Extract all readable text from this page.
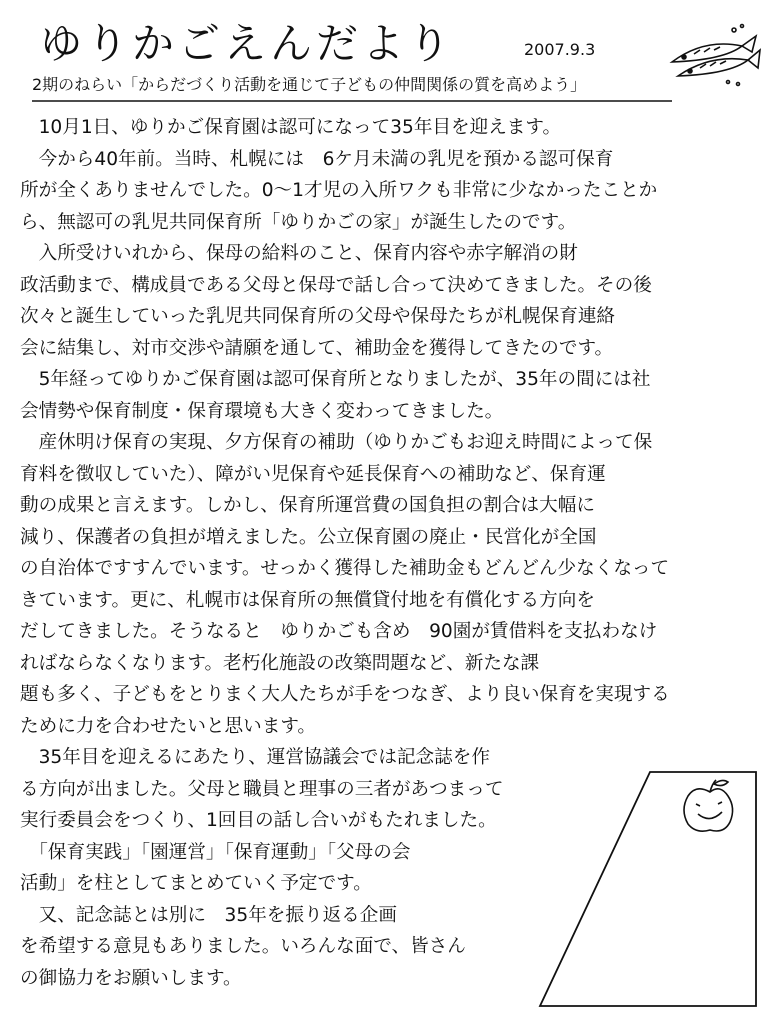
ゆりかごえんだより	2007.9.3
2期のねらい「からだづくり活動を通じて子どもの仲間関係の質を高めよう」
　10月1日、ゆりかご保育園は認可になって35年目を迎えます。
　今から40年前。当時、札幌には　6ケ月未満の乳児を預かる認可保育
所が全くありませんでした。0〜1才児の入所ワクも非常に少なかったことか
ら、無認可の乳児共同保育所「ゆりかごの家」が誕生したのです。
　入所受けいれから、保母の給料のこと、保育内容や赤字解消の財
政活動まで、構成員である父母と保母で話し合って決めてきました。その後
次々と誕生していった乳児共同保育所の父母や保母たちが札幌保育連絡
会に結集し、対市交渉や請願を通して、補助金を獲得してきたのです。
　5年経ってゆりかご保育園は認可保育所となりましたが、35年の間には社
会情勢や保育制度・保育環境も大きく変わってきました。
　産休明け保育の実現、夕方保育の補助（ゆりかごもお迎え時間によって保
育料を徴収していた）、障がい児保育や延長保育への補助など、保育運
動の成果と言えます。しかし、保育所運営費の国負担の割合は大幅に
減り、保護者の負担が増えました。公立保育園の廃止・民営化が全国
の自治体ですすんでいます。せっかく獲得した補助金もどんどん少なくなって
きています。更に、札幌市は保育所の無償貸付地を有償化する方向を
だしてきました。そうなると　ゆりかごも含め　90園が賃借料を支払わなけ
ればならなくなります。老朽化施設の改築問題など、新たな課
題も多く、子どもをとりまく大人たちが手をつなぎ、より良い保育を実現する
ために力を合わせたいと思います。
　35年目を迎えるにあたり、運営協議会では記念誌を作
る方向が出ました。父母と職員と理事の三者があつまって
実行委員会をつくり、1回目の話し合いがもたれました。
　「保育実践」「園運営」「保育運動」「父母の会
活動」を柱としてまとめていく予定です。
　又、記念誌とは別に　35年を振り返る企画
を希望する意見もありました。いろんな面で、皆さん
の御協力をお願いします。
